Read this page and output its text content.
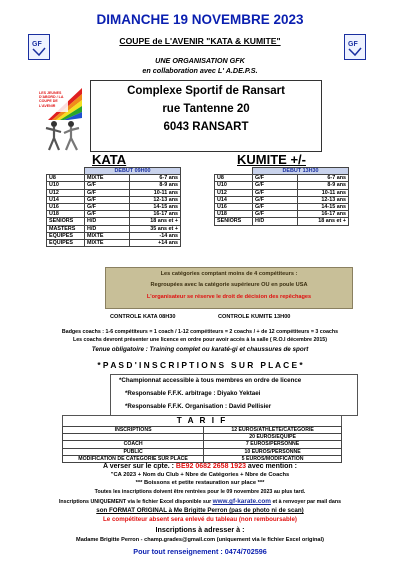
GF	GF
DIMANCHE 19 NOVEMBRE 2023
COUPE de L'AVENIR "KATA & KUMITE"
UNE ORGANISATION GFK
en collaboration avec L' A.DE.P.S.
LES JEUNES D'ABORD / LA COUPE DE L'AVENIR
Complexe Sportif de Ransart
rue Tantenne 20
6043 RANSART
KATA
	DEBUT 09H00	
U8	MIXTE	6-7 ans
U10	G/F	8-9 ans
U12	G/F	10-11 ans
U14	G/F	12-13 ans
U16	G/F	14-15 ans
U18	G/F	16-17 ans
SENIORS	H/D	18 ans et +
MASTERS	H/D	35 ans et +
EQUIPES	MIXTE	-14 ans
EQUIPES	MIXTE	+14 ans
KUMITE +/-
	DEBUT 13H30	
U8	G/F	6-7 ans
U10	G/F	8-9 ans
U12	G/F	10-11 ans
U14	G/F	12-13 ans
U16	G/F	14-15 ans
U18	G/F	16-17 ans
SENIORS	H/D	18 ans et +
Les catégories comptant moins de 4 compétiteurs :
Regroupées avec la catégorie supérieure OU en poule USA
L'organisateur se réserve le droit de décision des repêchages
CONTROLE KATA 08H30	CONTROLE KUMITE 13H00
Badges coachs : 1-6 compétiteurs = 1 coach / 1-12 compétiteurs = 2 coachs / + de 12 compétiteurs = 3 coachs
Les coachs devront présenter une licence en ordre pour avoir accès à la salle ( R.O.I décembre 2015)
Tenue obligatoire : Training complet ou karaté-gi et chaussures de sport
* P A S D ' I N S C R I P T I O N S   S U R   P L A C E *
*Championnat accessible à tous membres en ordre de licence
*Responsable F.F.K. arbitrage : Diyako Yektaei
*Responsable F.F.K. Organisation : David Pellisier
T A R I F
INSCRIPTIONS	12 EUROS/ATHLETE/CATEGORIE
	20 EUROS/EQUIPE
COACH	7 EUROS/PERSONNE
PUBLIC	10 EUROS/PERSONNE
MODIFICATION DE CATEGORIE SUR PLACE	5 EUROS/MODIFICATION
A verser sur le cpte. : BE92 0682 2658 1923 avec mention :
"CA 2023 + Nom du Club + Nbre de Catégories + Nbre de Coachs
*** Boissons et petite restauration sur place ***
Toutes les inscriptions doivent être rentrées pour le 09 novembre 2023 au plus tard.
Inscriptions UNIQUEMENT via le fichier Excel disponible sur www.gf-karate.com et à renvoyer par mail dans
son FORMAT ORIGINAL à Me Brigitte Perron (pas de photo ni de scan)
Le compétiteur absent sera enlevé du tableau (non remboursable)
Inscriptions à adresser à :
Madame Brigitte Perron - champ.grades@gmail.com (uniquement via le fichier Excel original)
Pour tout renseignement : 0474/702596
